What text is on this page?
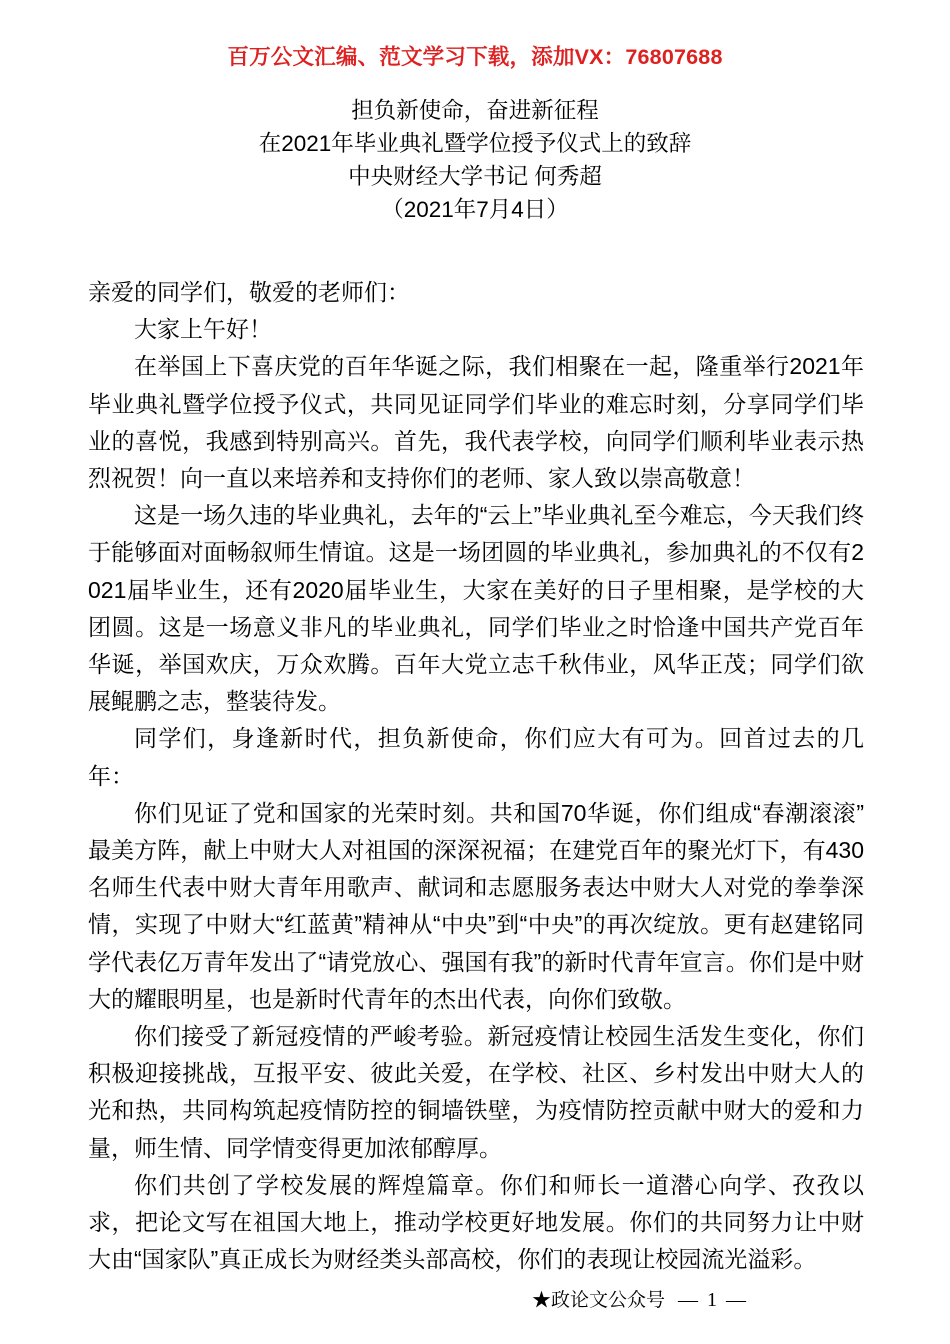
百万公文汇编、范文学习下载，添加VX：76807688
担负新使命，奋进新征程
在2021年毕业典礼暨学位授予仪式上的致辞
中央财经大学书记 何秀超
（2021年7月4日）

亲爱的同学们，敬爱的老师们：

大家上午好！

在举国上下喜庆党的百年华诞之际，我们相聚在一起，隆重举行2021年毕业典礼暨学位授予仪式，共同见证同学们毕业的难忘时刻，分享同学们毕业的喜悦，我感到特别高兴。首先，我代表学校，向同学们顺利毕业表示热烈祝贺！向一直以来培养和支持你们的老师、家人致以崇高敬意！

这是一场久违的毕业典礼，去年的“云上”毕业典礼至今难忘，今天我们终于能够面对面畅叙师生情谊。这是一场团圆的毕业典礼，参加典礼的不仅有2021届毕业生，还有2020届毕业生，大家在美好的日子里相聚，是学校的大团圆。这是一场意义非凡的毕业典礼，同学们毕业之时恰逢中国共产党百年华诞，举国欢庆，万众欢腾。百年大党立志千秋伟业，风华正茂；同学们欲展鲲鹏之志，整装待发。

同学们，身逢新时代，担负新使命，你们应大有可为。回首过去的几年：

你们见证了党和国家的光荣时刻。共和国70华诞，你们组成“春潮滚滚”最美方阵，献上中财大人对祖国的深深祝福；在建党百年的聚光灯下，有430名师生代表中财大青年用歌声、献词和志愿服务表达中财大人对党的拳拳深情，实现了中财大“红蓝黄”精神从“中央”到“中央”的再次绽放。更有赵建铭同学代表亿万青年发出了“请党放心、强国有我”的新时代青年宣言。你们是中财大的耀眼明星，也是新时代青年的杰出代表，向你们致敬。

你们接受了新冠疫情的严峻考验。新冠疫情让校园生活发生变化，你们积极迎接挑战，互报平安、彼此关爱，在学校、社区、乡村发出中财大人的光和热，共同构筑起疫情防控的铜墙铁壁，为疫情防控贡献中财大的爱和力量，师生情、同学情变得更加浓郁醇厚。

你们共创了学校发展的辉煌篇章。你们和师长一道潜心向学、孜孜以求，把论文写在祖国大地上，推动学校更好地发展。你们的共同努力让中财大由“国家队”真正成长为财经类头部高校，你们的表现让校园流光溢彩。

★政论文公众号 — 1 —
